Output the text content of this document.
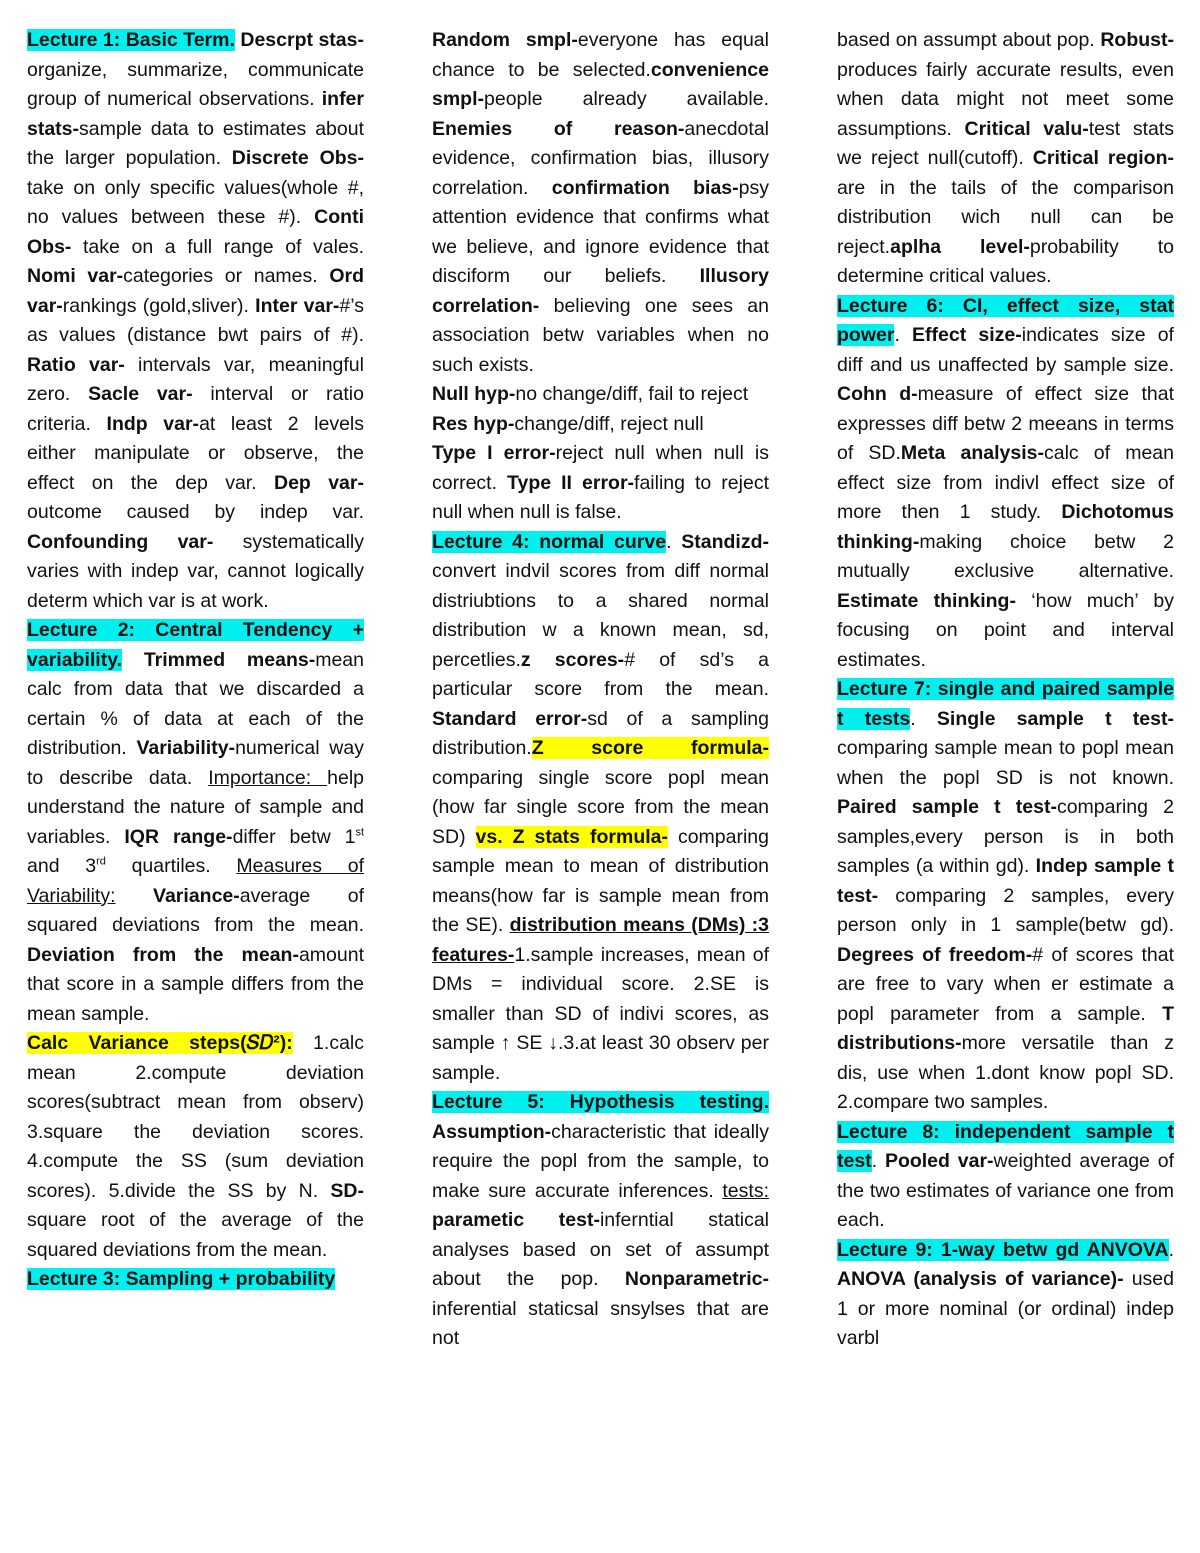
Lecture 1: Basic Term. Descrpt stas-organize, summarize, communicate group of numerical observations. infer stats-sample data to estimates about the larger population. Discrete Obs- take on only specific values(whole #, no values between these #). Conti Obs- take on a full range of vales. Nomi var-categories or names. Ord var-rankings (gold,sliver). Inter var-#’s as values (distance bwt pairs of #). Ratio var- intervals var, meaningful zero. Sacle var- interval or ratio criteria. Indp var-at least 2 levels either manipulate or observe, the effect on the dep var. Dep var- outcome caused by indep var. Confounding var- systematically varies with indep var, cannot logically determ which var is at work.

Lecture 2: Central Tendency + variability. Trimmed means-mean calc from data that we discarded a certain % of data at each of the distribution. Variability-numerical way to describe data. Importance: help understand the nature of sample and variables. IQR range-differ betw 1st and 3rd quartiles. Measures of Variability: Variance-average of squared deviations from the mean. Deviation from the mean-amount that score in a sample differs from the mean sample.

Calc Variance steps(𝑆𝐷²): 1.calc mean 2.compute deviation scores(subtract mean from observ) 3.square the deviation scores. 4.compute the SS (sum deviation scores). 5.divide the SS by N. SD-square root of the average of the squared deviations from the mean.

Lecture 3: Sampling + probability

Random smpl-everyone has equal chance to be selected.convenience smpl-people already available. Enemies of reason-anecdotal evidence, confirmation bias, illusory correlation. confirmation bias-psy attention evidence that confirms what we believe, and ignore evidence that disciform our beliefs. Illusory correlation- believing one sees an association betw variables when no such exists.

Null hyp-no change/diff, fail to reject

Res hyp-change/diff, reject null

Type I error-reject null when null is correct. Type II error-failing to reject null when null is false.

Lecture 4: normal curve. Standizd- convert indvil scores from diff normal distriubtions to a shared normal distribution w a known mean, sd, percetlies.z scores-# of sd’s a particular score from the mean. Standard error-sd of a sampling distribution.Z score formula- comparing single score popl mean (how far single score from the mean SD) vs. Z stats formula- comparing sample mean to mean of distribution means(how far is sample mean from the SE). distribution means (DMs) :3 features-1.sample increases, mean of DMs = individual score. 2.SE is smaller than SD of indivi scores, as sample ↑ SE ↓.3.at least 30 observ per sample.

Lecture 5: Hypothesis testing. Assumption-characteristic that ideally require the popl from the sample, to make sure accurate inferences. tests: parametic test-inferntial statical analyses based on set of assumpt about the pop. Nonparametric-inferential staticsal snsylses that are not

based on assumpt about pop. Robust-produces fairly accurate results, even when data might not meet some assumptions. Critical valu-test stats we reject null(cutoff). Critical region-are in the tails of the comparison distribution wich null can be reject.aplha level-probability to determine critical values.

Lecture 6: CI, effect size, stat power. Effect size-indicates size of diff and us unaffected by sample size. Cohn d-measure of effect size that expresses diff betw 2 meeans in terms of SD.Meta analysis-calc of mean effect size from indivl effect size of more then 1 study. Dichotomus thinking-making choice betw 2 mutually exclusive alternative. Estimate thinking- ‘how much’ by focusing on point and interval estimates.

Lecture 7: single and paired sample t tests. Single sample t test-comparing sample mean to popl mean when the popl SD is not known. Paired sample t test-comparing 2 samples,every person is in both samples (a within gd). Indep sample t test- comparing 2 samples, every person only in 1 sample(betw gd). Degrees of freedom-# of scores that are free to vary when er estimate a popl parameter from a sample. T distributions-more versatile than z dis, use when 1.dont know popl SD. 2.compare two samples.

Lecture 8: independent sample t test. Pooled var-weighted average of the two estimates of variance one from each.

Lecture 9: 1-way betw gd ANVOVA. ANOVA (analysis of variance)- used 1 or more nominal (or ordinal) indep varbl
